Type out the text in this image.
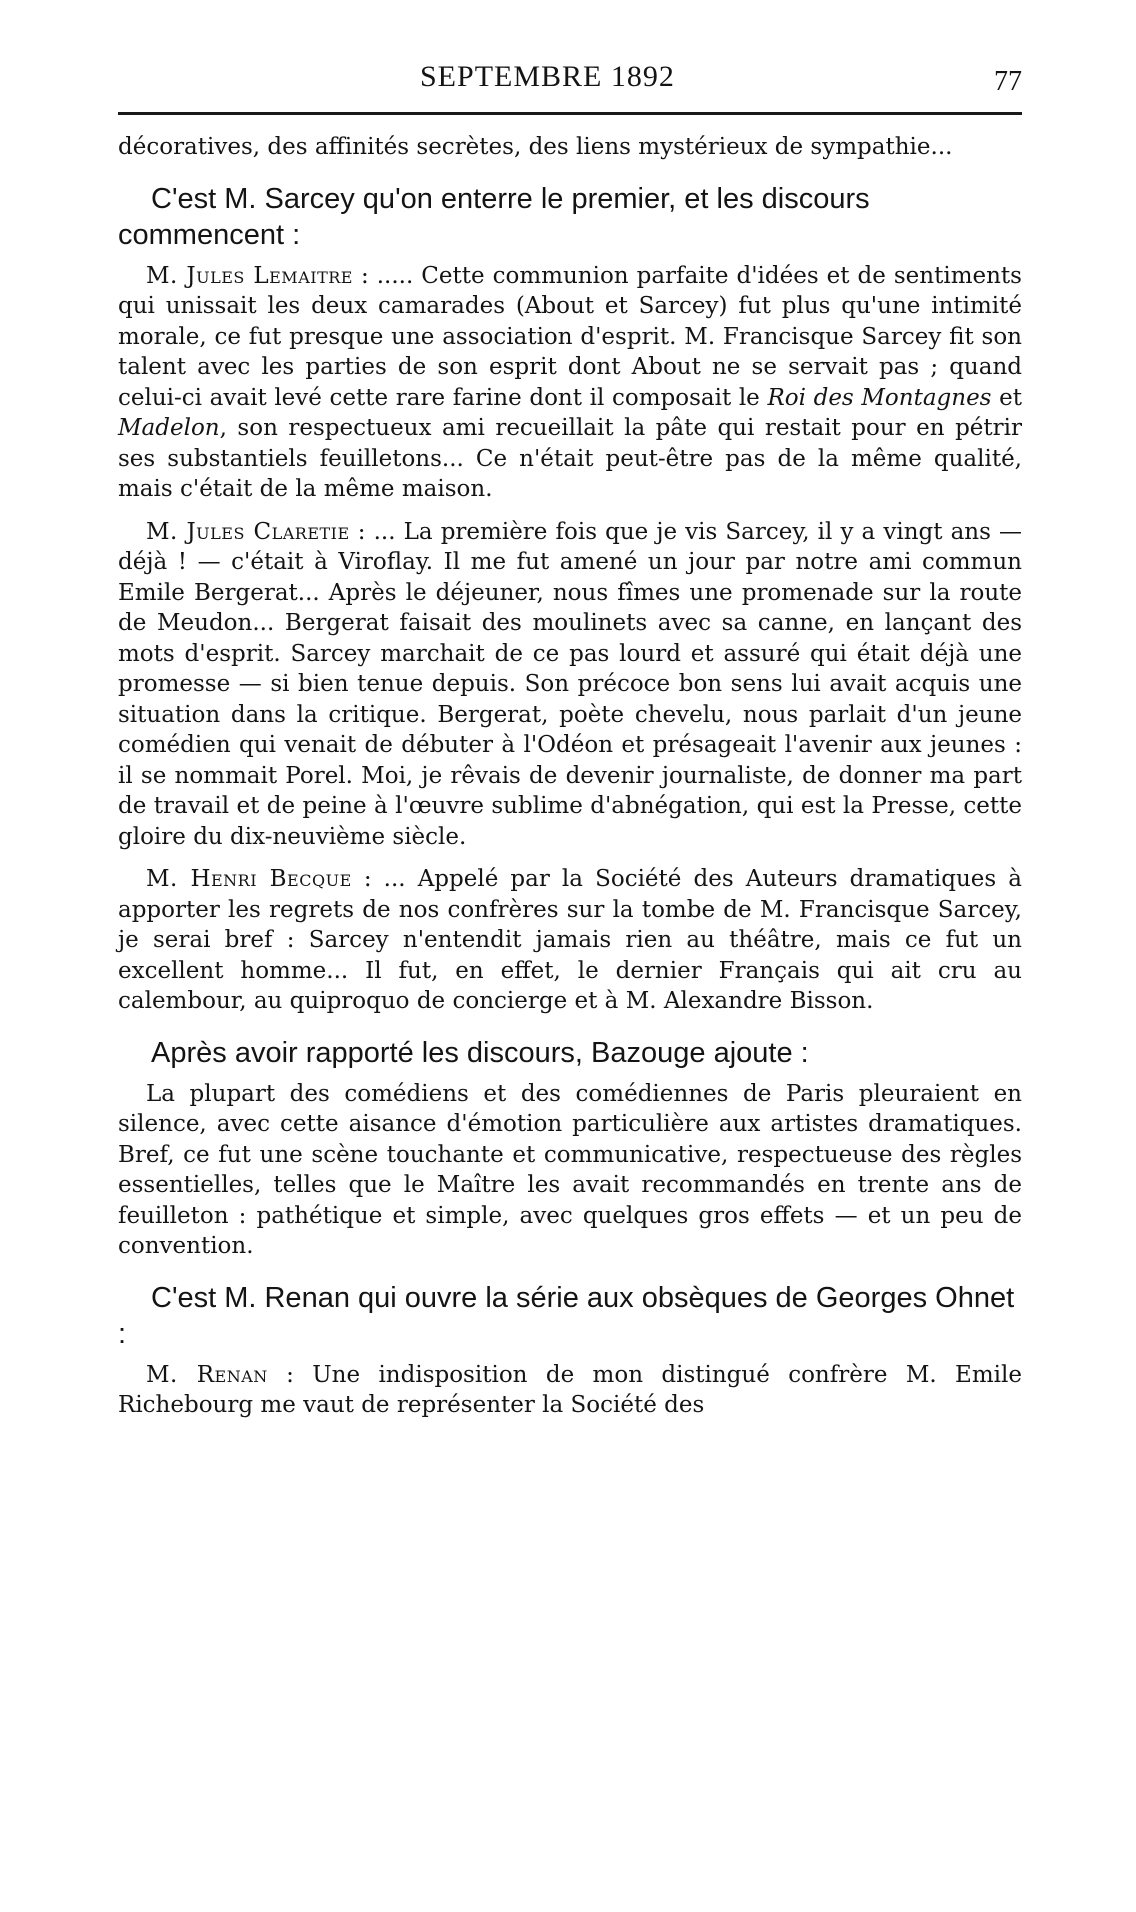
SEPTEMBRE 1892	77

décoratives, des affinités secrètes, des liens mystérieux de sympathie...

C'est M. Sarcey qu'on enterre le premier, et les discours commencent :

M. Jules Lemaitre : ..... Cette communion parfaite d'idées et de sentiments qui unissait les deux camarades (About et Sarcey) fut plus qu'une intimité morale, ce fut presque une association d'esprit. M. Francisque Sarcey fit son talent avec les parties de son esprit dont About ne se servait pas ; quand celui-ci avait levé cette rare farine dont il composait le Roi des Montagnes et Madelon, son respectueux ami recueillait la pâte qui restait pour en pétrir ses substantiels feuilletons... Ce n'était peut-être pas de la même qualité, mais c'était de la même maison.

M. Jules Claretie : ... La première fois que je vis Sarcey, il y a vingt ans — déjà ! — c'était à Viroflay. Il me fut amené un jour par notre ami commun Emile Bergerat... Après le déjeuner, nous fîmes une promenade sur la route de Meudon... Bergerat faisait des moulinets avec sa canne, en lançant des mots d'esprit. Sarcey marchait de ce pas lourd et assuré qui était déjà une promesse — si bien tenue depuis. Son précoce bon sens lui avait acquis une situation dans la critique. Bergerat, poète chevelu, nous parlait d'un jeune comédien qui venait de débuter à l'Odéon et présageait l'avenir aux jeunes : il se nommait Porel. Moi, je rêvais de devenir journaliste, de donner ma part de travail et de peine à l'œuvre sublime d'abnégation, qui est la Presse, cette gloire du dix-neuvième siècle.

M. Henri Becque : ... Appelé par la Société des Auteurs dramatiques à apporter les regrets de nos confrères sur la tombe de M. Francisque Sarcey, je serai bref : Sarcey n'entendit jamais rien au théâtre, mais ce fut un excellent homme... Il fut, en effet, le dernier Français qui ait cru au calembour, au quiproquo de concierge et à M. Alexandre Bisson.

Après avoir rapporté les discours, Bazouge ajoute :

La plupart des comédiens et des comédiennes de Paris pleuraient en silence, avec cette aisance d'émotion particulière aux artistes dramatiques. Bref, ce fut une scène touchante et communicative, respectueuse des règles essentielles, telles que le Maître les avait recommandés en trente ans de feuilleton : pathétique et simple, avec quelques gros effets — et un peu de convention.

C'est M. Renan qui ouvre la série aux obsèques de Georges Ohnet :

M. Renan : Une indisposition de mon distingué confrère M. Emile Richebourg me vaut de représenter la Société des
